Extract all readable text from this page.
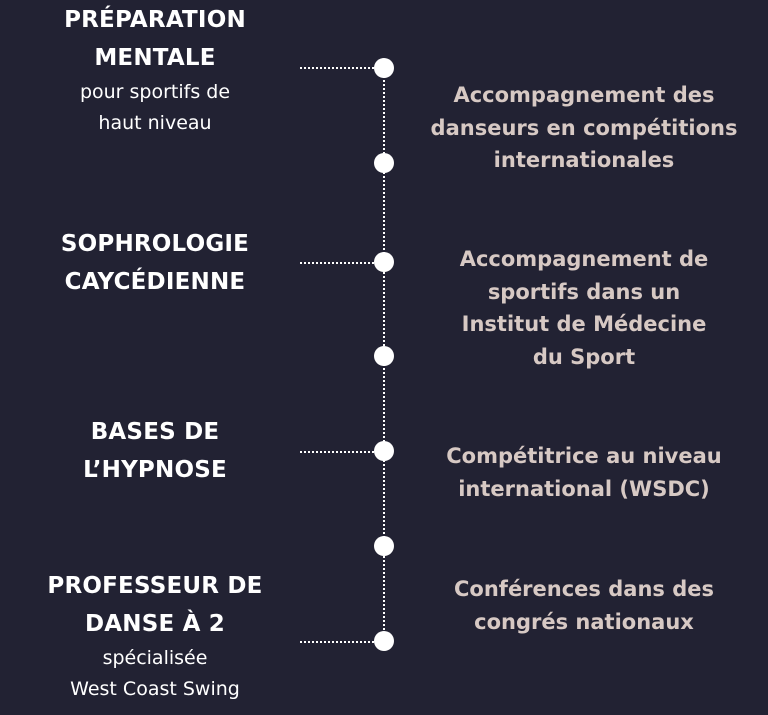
PRÉPARATION
MENTALE
pour sportifs de
haut niveau
SOPHROLOGIE
CAYCÉDIENNE
BASES DE
L’HYPNOSE
PROFESSEUR DE
DANSE À 2
spécialisée
West Coast Swing
Accompagnement des
danseurs en compétitions
internationales
Accompagnement de
sportifs dans un
Institut de Médecine
du Sport
Compétitrice au niveau
international (WSDC)
Conférences dans des
congrés nationaux
